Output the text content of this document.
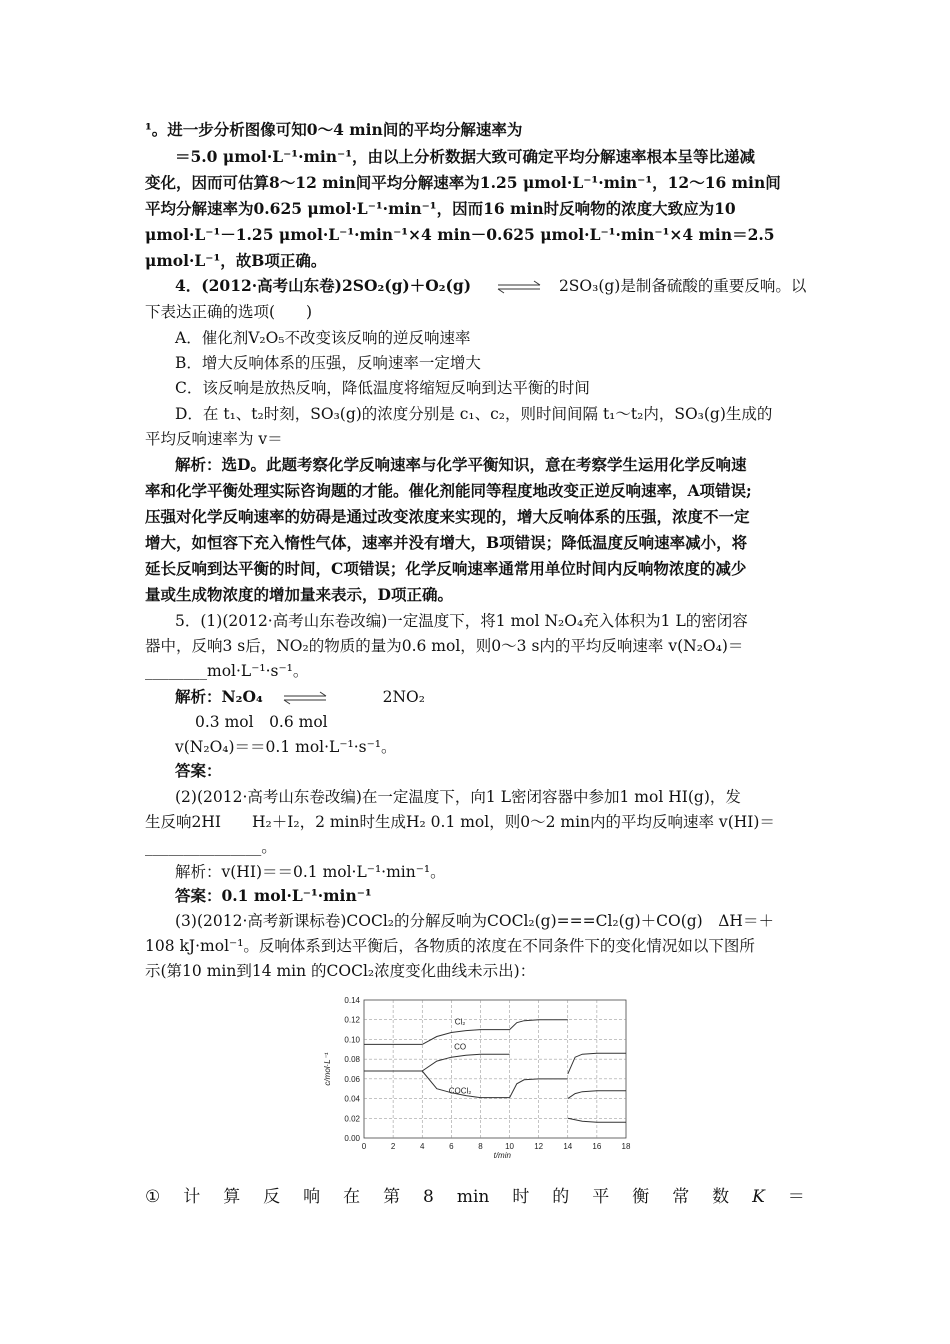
¹。进一步分析图像可知0～4 min间的平均分解速率为
＝5.0 μmol·L⁻¹·min⁻¹，由以上分析数据大致可确定平均分解速率根本呈等比递减
变化，因而可估算8～12 min间平均分解速率为1.25 μmol·L⁻¹·min⁻¹，12～16 min间
平均分解速率为0.625 μmol·L⁻¹·min⁻¹，因而16 min时反响物的浓度大致应为10
μmol·L⁻¹－1.25 μmol·L⁻¹·min⁻¹×4 min－0.625 μmol·L⁻¹·min⁻¹×4 min＝2.5
μmol·L⁻¹，故B项正确。
4．(2012·高考山东卷)2SO₂(g)＋O₂(g) ⇌ 2SO₃(g)是制备硫酸的重要反响。以
下表达正确的选项(　　)
A．催化剂V₂O₅不改变该反响的逆反响速率
B．增大反响体系的压强，反响速率一定增大
C．该反响是放热反响，降低温度将缩短反响到达平衡的时间
D．在 t₁、t₂时刻，SO₃(g)的浓度分别是 c₁、c₂，则时间间隔 t₁～t₂内，SO₃(g)生成的
平均反响速率为 v＝
解析：选D。此题考察化学反响速率与化学平衡知识，意在考察学生运用化学反响速
率和化学平衡处理实际咨询题的才能。催化剂能同等程度地改变正逆反响速率，A项错误;
压强对化学反响速率的妨碍是通过改变浓度来实现的，增大反响体系的压强，浓度不一定
增大，如恒容下充入惰性气体，速率并没有增大，B项错误；降低温度反响速率减小，将
延长反响到达平衡的时间，C项错误；化学反响速率通常用单位时间内反响物浓度的减少
量或生成物浓度的增加量来表示，D项正确。
5．(1)(2012·高考山东卷改编)一定温度下，将1 mol N₂O₄充入体积为1 L的密闭容
器中，反响3 s后，NO₂的物质的量为0.6 mol，则0～3 s内的平均反响速率 v(N₂O₄)＝
________mol·L⁻¹·s⁻¹。
解析：N₂O₄ ⇌	2NO₂
0.3 mol　0.6 mol
v(N₂O₄)＝＝0.1 mol·L⁻¹·s⁻¹。
答案：
(2)(2012·高考山东卷改编)在一定温度下，向1 L密闭容器中参加1 mol HI(g)，发
生反响2HI　　H₂＋I₂，2 min时生成H₂ 0.1 mol，则0～2 min内的平均反响速率 v(HI)＝
_______________。
解析：v(HI)＝＝0.1 mol·L⁻¹·min⁻¹。
答案：0.1 mol·L⁻¹·min⁻¹
(3)(2012·高考新课标卷)COCl₂的分解反响为COCl₂(g)===Cl₂(g)＋CO(g)　ΔH＝＋
108 kJ·mol⁻¹。反响体系到达平衡后，各物质的浓度在不同条件下的变化情况如以下图所
示(第10 min到14 min 的COCl₂浓度变化曲线未示出)：
0.00
0.02
0.04
0.06
0.08
0.10
0.12
0.14
0	2	4	6	8	10	12	14	16	18
t/min
c/mol·L⁻¹
Cl₂
CO
COCl₂
① 计 算 反 响 在 第 8 min 时 的 平 衡 常 数 K ＝
